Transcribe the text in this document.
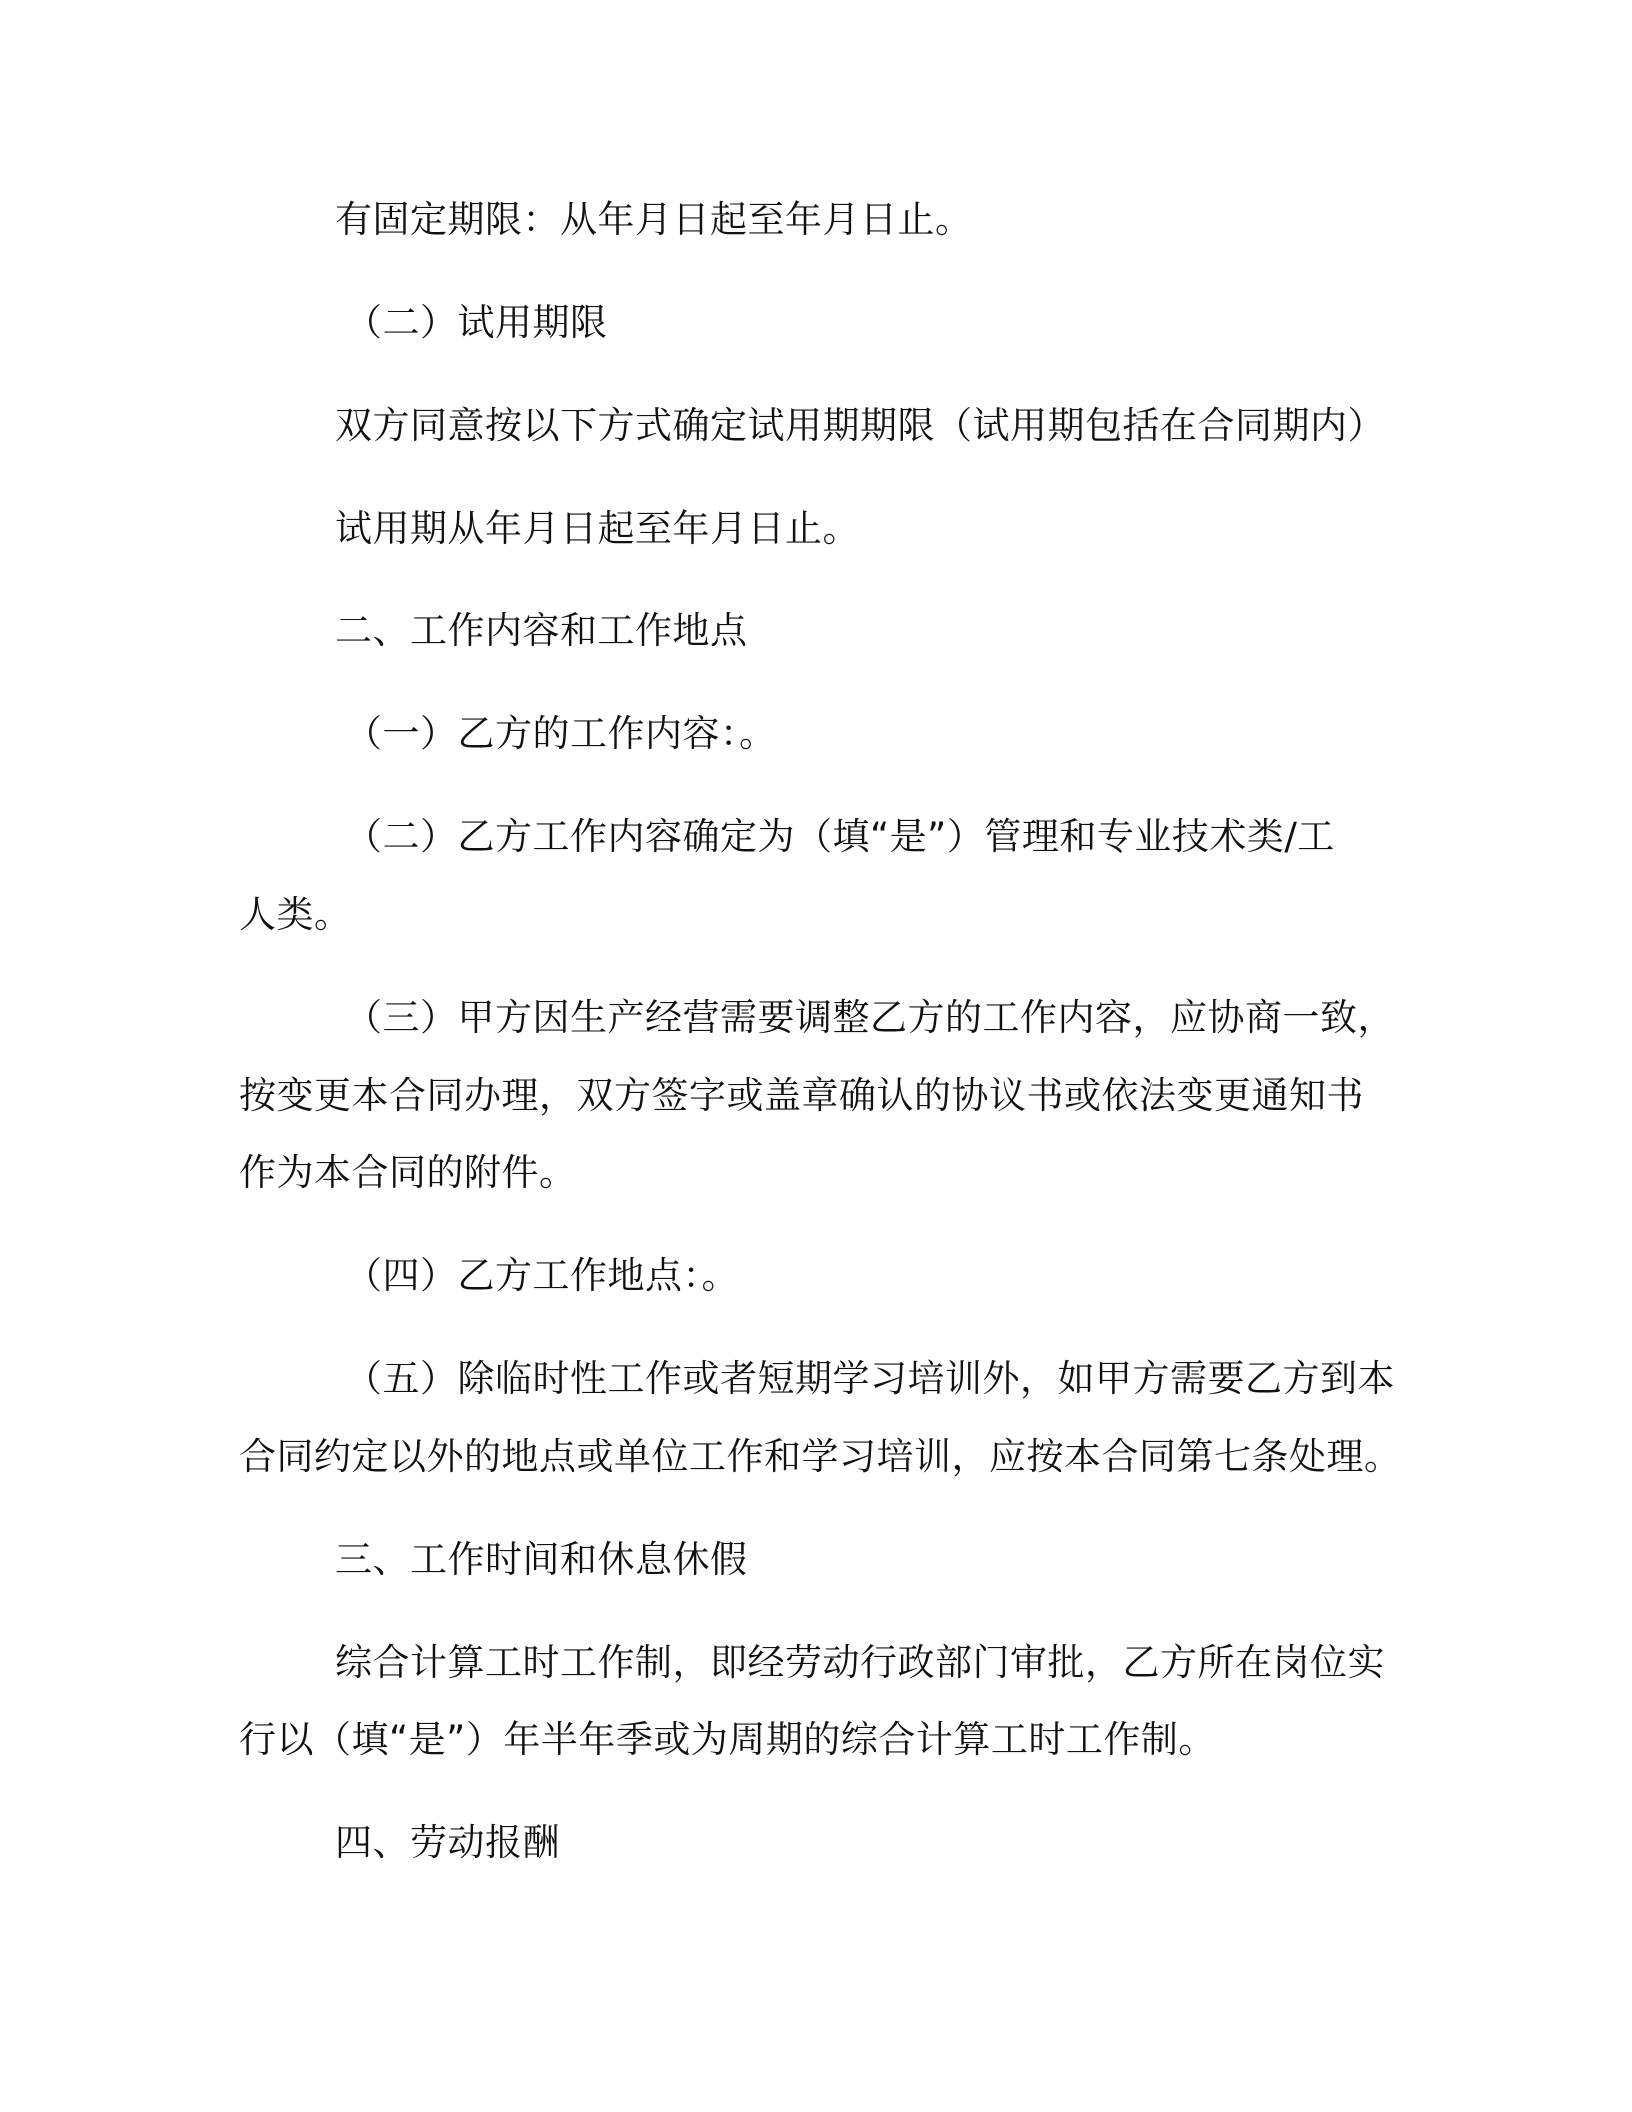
有固定期限：从年月日起至年月日止。
（二）试用期限
双方同意按以下方式确定试用期期限（试用期包括在合同期内）
试用期从年月日起至年月日止。
二、工作内容和工作地点
（一）乙方的工作内容：。
（二）乙方工作内容确定为（填“是”）管理和专业技术类/工
人类。
（三）甲方因生产经营需要调整乙方的工作内容，应协商一致，
按变更本合同办理，双方签字或盖章确认的协议书或依法变更通知书
作为本合同的附件。
（四）乙方工作地点：。
（五）除临时性工作或者短期学习培训外，如甲方需要乙方到本
合同约定以外的地点或单位工作和学习培训，应按本合同第七条处理。
三、工作时间和休息休假
综合计算工时工作制，即经劳动行政部门审批，乙方所在岗位实
行以（填“是”）年半年季或为周期的综合计算工时工作制。
四、劳动报酬
